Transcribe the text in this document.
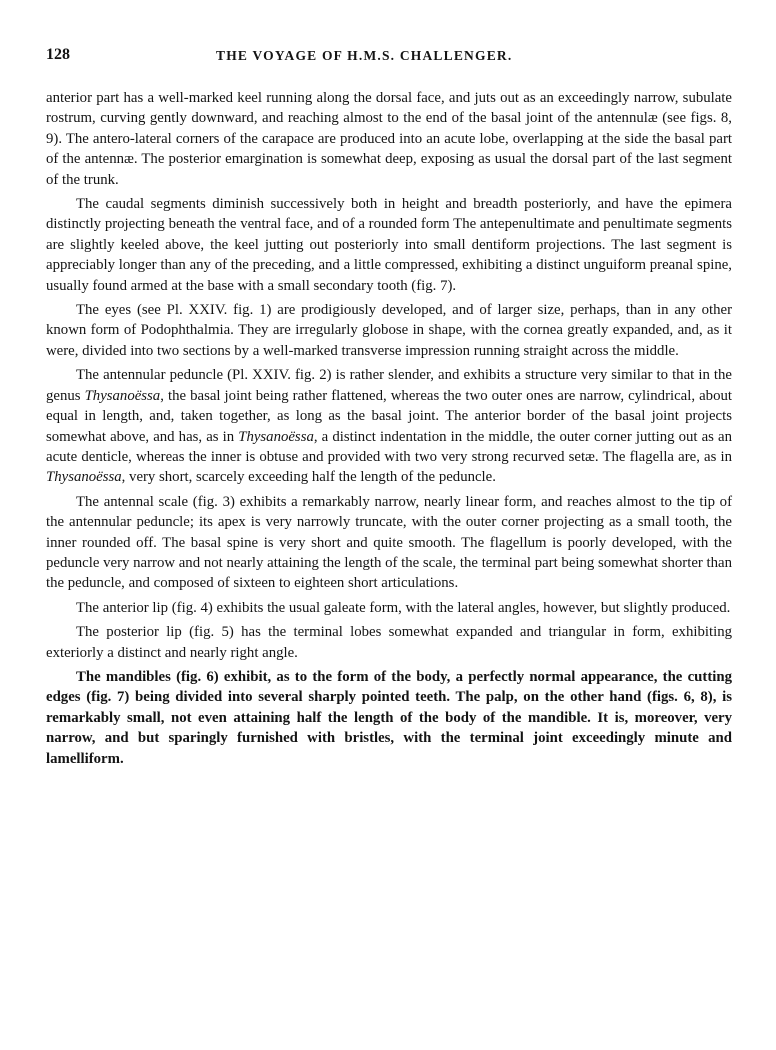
128	THE VOYAGE OF H.M.S. CHALLENGER.

anterior part has a well-marked keel running along the dorsal face, and juts out as an exceedingly narrow, subulate rostrum, curving gently downward, and reaching almost to the end of the basal joint of the antennulæ (see figs. 8, 9). The antero-lateral corners of the carapace are produced into an acute lobe, overlapping at the side the basal part of the antennæ. The posterior emargination is somewhat deep, exposing as usual the dorsal part of the last segment of the trunk.

The caudal segments diminish successively both in height and breadth posteriorly, and have the epimera distinctly projecting beneath the ventral face, and of a rounded form The antepenultimate and penultimate segments are slightly keeled above, the keel jutting out posteriorly into small dentiform projections. The last segment is appreciably longer than any of the preceding, and a little compressed, exhibiting a distinct unguiform preanal spine, usually found armed at the base with a small secondary tooth (fig. 7).

The eyes (see Pl. XXIV. fig. 1) are prodigiously developed, and of larger size, perhaps, than in any other known form of Podophthalmia. They are irregularly globose in shape, with the cornea greatly expanded, and, as it were, divided into two sections by a well-marked transverse impression running straight across the middle.

The antennular peduncle (Pl. XXIV. fig. 2) is rather slender, and exhibits a structure very similar to that in the genus Thysanoëssa, the basal joint being rather flattened, whereas the two outer ones are narrow, cylindrical, about equal in length, and, taken together, as long as the basal joint. The anterior border of the basal joint projects somewhat above, and has, as in Thysanoëssa, a distinct indentation in the middle, the outer corner jutting out as an acute denticle, whereas the inner is obtuse and provided with two very strong recurved setæ. The flagella are, as in Thysanoëssa, very short, scarcely exceeding half the length of the peduncle.

The antennal scale (fig. 3) exhibits a remarkably narrow, nearly linear form, and reaches almost to the tip of the antennular peduncle; its apex is very narrowly truncate, with the outer corner projecting as a small tooth, the inner rounded off. The basal spine is very short and quite smooth. The flagellum is poorly developed, with the peduncle very narrow and not nearly attaining the length of the scale, the terminal part being somewhat shorter than the peduncle, and composed of sixteen to eighteen short articulations.

The anterior lip (fig. 4) exhibits the usual galeate form, with the lateral angles, however, but slightly produced.

The posterior lip (fig. 5) has the terminal lobes somewhat expanded and triangular in form, exhibiting exteriorly a distinct and nearly right angle.

The mandibles (fig. 6) exhibit, as to the form of the body, a perfectly normal appearance, the cutting edges (fig. 7) being divided into several sharply pointed teeth. The palp, on the other hand (figs. 6, 8), is remarkably small, not even attaining half the length of the body of the mandible. It is, moreover, very narrow, and but sparingly furnished with bristles, with the terminal joint exceedingly minute and lamelliform.
